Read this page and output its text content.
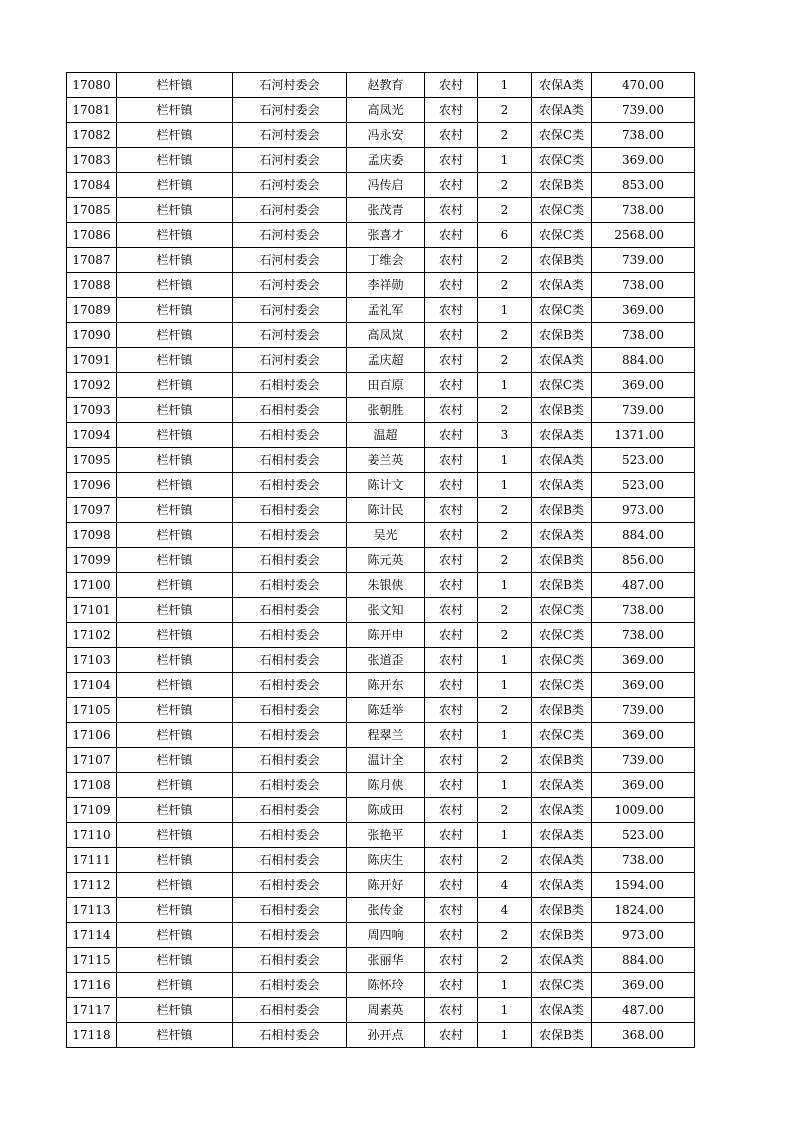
17080	栏杆镇	石河村委会	赵教育	农村	1	农保A类	470.00
17081	栏杆镇	石河村委会	高凤光	农村	2	农保A类	739.00
17082	栏杆镇	石河村委会	冯永安	农村	2	农保C类	738.00
17083	栏杆镇	石河村委会	孟庆委	农村	1	农保C类	369.00
17084	栏杆镇	石河村委会	冯传启	农村	2	农保B类	853.00
17085	栏杆镇	石河村委会	张茂青	农村	2	农保C类	738.00
17086	栏杆镇	石河村委会	张喜才	农村	6	农保C类	2568.00
17087	栏杆镇	石河村委会	丁维会	农村	2	农保B类	739.00
17088	栏杆镇	石河村委会	李祥勋	农村	2	农保A类	738.00
17089	栏杆镇	石河村委会	孟礼军	农村	1	农保C类	369.00
17090	栏杆镇	石河村委会	高凤岚	农村	2	农保B类	738.00
17091	栏杆镇	石河村委会	孟庆超	农村	2	农保A类	884.00
17092	栏杆镇	石相村委会	田百原	农村	1	农保C类	369.00
17093	栏杆镇	石相村委会	张朝胜	农村	2	农保B类	739.00
17094	栏杆镇	石相村委会	温超	农村	3	农保A类	1371.00
17095	栏杆镇	石相村委会	姜兰英	农村	1	农保A类	523.00
17096	栏杆镇	石相村委会	陈计文	农村	1	农保A类	523.00
17097	栏杆镇	石相村委会	陈计民	农村	2	农保B类	973.00
17098	栏杆镇	石相村委会	吴光	农村	2	农保A类	884.00
17099	栏杆镇	石相村委会	陈元英	农村	2	农保B类	856.00
17100	栏杆镇	石相村委会	朱银侠	农村	1	农保B类	487.00
17101	栏杆镇	石相村委会	张文知	农村	2	农保C类	738.00
17102	栏杆镇	石相村委会	陈开申	农村	2	农保C类	738.00
17103	栏杆镇	石相村委会	张道歪	农村	1	农保C类	369.00
17104	栏杆镇	石相村委会	陈开东	农村	1	农保C类	369.00
17105	栏杆镇	石相村委会	陈廷举	农村	2	农保B类	739.00
17106	栏杆镇	石相村委会	程翠兰	农村	1	农保C类	369.00
17107	栏杆镇	石相村委会	温计全	农村	2	农保B类	739.00
17108	栏杆镇	石相村委会	陈月侠	农村	1	农保A类	369.00
17109	栏杆镇	石相村委会	陈成田	农村	2	农保A类	1009.00
17110	栏杆镇	石相村委会	张艳平	农村	1	农保A类	523.00
17111	栏杆镇	石相村委会	陈庆生	农村	2	农保A类	738.00
17112	栏杆镇	石相村委会	陈开好	农村	4	农保A类	1594.00
17113	栏杆镇	石相村委会	张传金	农村	4	农保B类	1824.00
17114	栏杆镇	石相村委会	周四响	农村	2	农保B类	973.00
17115	栏杆镇	石相村委会	张丽华	农村	2	农保A类	884.00
17116	栏杆镇	石相村委会	陈怀玲	农村	1	农保C类	369.00
17117	栏杆镇	石相村委会	周素英	农村	1	农保A类	487.00
17118	栏杆镇	石相村委会	孙开点	农村	1	农保B类	368.00
